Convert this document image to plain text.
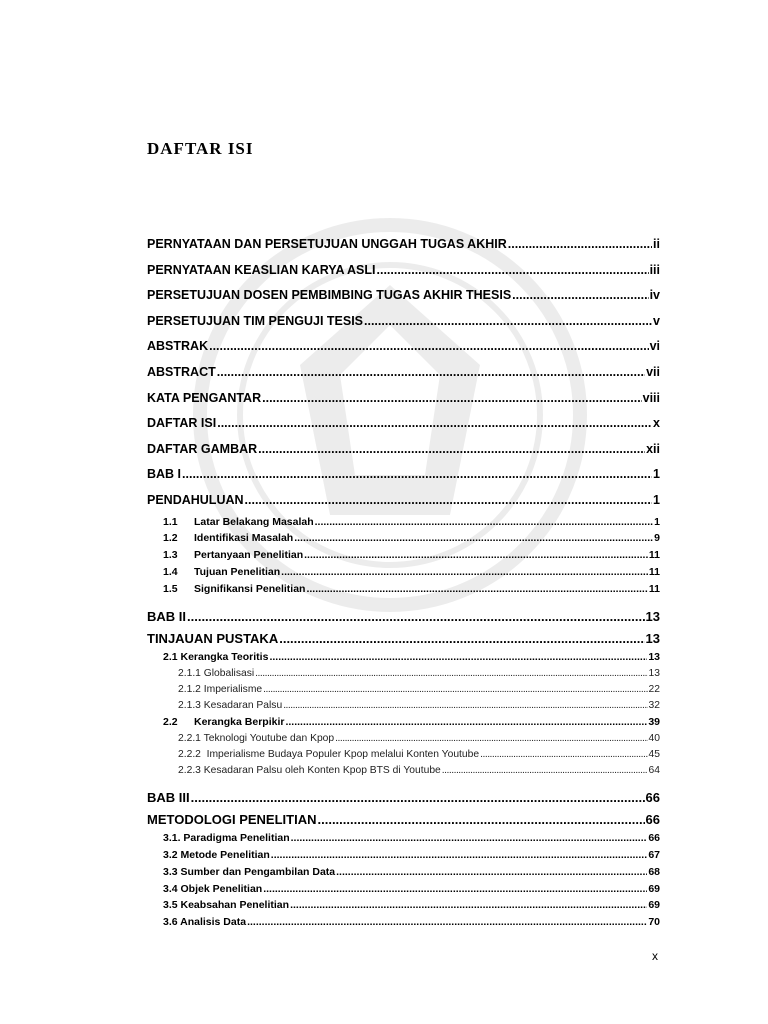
DAFTAR ISI
PERNYATAAN DAN PERSETUJUAN UNGGAH TUGAS AKHIR .....	ii
PERNYATAAN KEASLIAN KARYA ASLI .....	iii
PERSETUJUAN DOSEN PEMBIMBING TUGAS AKHIR THESIS .....	iv
PERSETUJUAN TIM PENGUJI TESIS .....	v
ABSTRAK .....	vi
ABSTRACT .....	vii
KATA PENGANTAR .....	viii
DAFTAR ISI .....	x
DAFTAR GAMBAR .....	xii
BAB I .....	1
PENDAHULUAN .....	1
1.1 Latar Belakang Masalah .....	1
1.2 Identifikasi Masalah .....	9
1.3 Pertanyaan Penelitian .....	11
1.4 Tujuan Penelitian .....	11
1.5 Signifikansi Penelitian .....	11
BAB II .....	13
TINJAUAN PUSTAKA .....	13
2.1 Kerangka Teoritis .....	13
2.1.1 Globalisasi .....	13
2.1.2 Imperialisme .....	22
2.1.3 Kesadaran Palsu .....	32
2.2 Kerangka Berpikir .....	39
2.2.1 Teknologi Youtube dan Kpop .....	40
2.2.2  Imperialisme Budaya Populer Kpop melalui Konten Youtube .....	45
2.2.3 Kesadaran Palsu oleh Konten Kpop BTS di Youtube .....	64
BAB III .....	66
METODOLOGI PENELITIAN .....	66
3.1. Paradigma Penelitian .....	66
3.2 Metode Penelitian .....	67
3.3 Sumber dan Pengambilan Data .....	68
3.4 Objek Penelitian .....	69
3.5 Keabsahan Penelitian .....	69
3.6 Analisis Data .....	70
x
